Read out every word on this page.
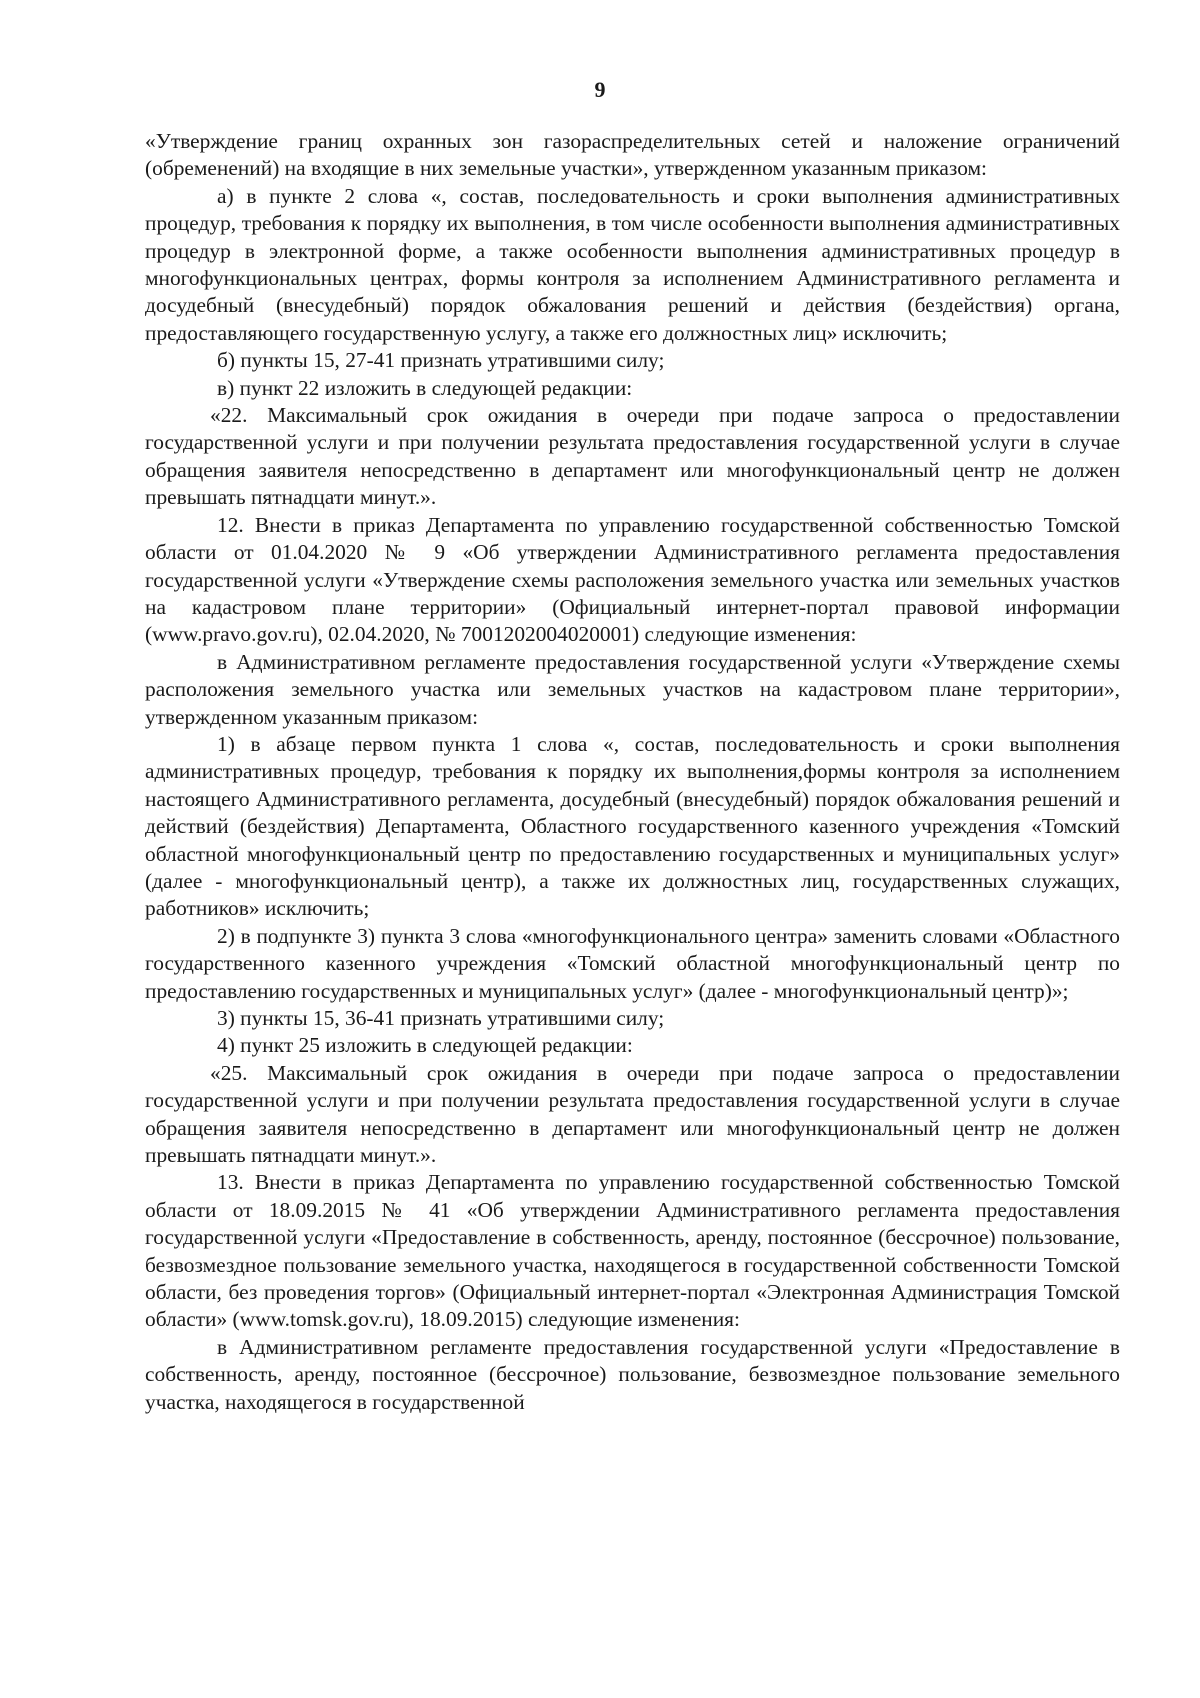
9

«Утверждение границ охранных зон газораспределительных сетей и наложение ограничений (обременений) на входящие в них земельные участки», утвержденном указанным приказом:

а) в пункте 2 слова «, состав, последовательность и сроки выполнения административных процедур, требования к порядку их выполнения, в том числе особенности выполнения административных процедур в электронной форме, а также особенности выполнения административных процедур в многофункциональных центрах, формы контроля за исполнением Административного регламента и досудебный (внесудебный) порядок обжалования решений и действия (бездействия) органа, предоставляющего государственную услугу, а также его должностных лиц» исключить;

б) пункты 15, 27-41 признать утратившими силу;

в) пункт 22 изложить в следующей редакции:

«22. Максимальный срок ожидания в очереди при подаче запроса о предоставлении государственной услуги и при получении результата предоставления государственной услуги в случае обращения заявителя непосредственно в департамент или многофункциональный центр не должен превышать пятнадцати минут.».

12. Внести в приказ Департамента по управлению государственной собственностью Томской области от 01.04.2020 № 9 «Об утверждении Административного регламента предоставления государственной услуги «Утверждение схемы расположения земельного участка или земельных участков на кадастровом плане территории» (Официальный интернет-портал правовой информации (www.pravo.gov.ru), 02.04.2020, № 7001202004020001) следующие изменения:

в Административном регламенте предоставления государственной услуги «Утверждение схемы расположения земельного участка или земельных участков на кадастровом плане территории», утвержденном указанным приказом:

1) в абзаце первом пункта 1 слова «, состав, последовательность и сроки выполнения административных процедур, требования к порядку их выполнения,формы контроля за исполнением настоящего Административного регламента, досудебный (внесудебный) порядок обжалования решений и действий (бездействия) Департамента, Областного государственного казенного учреждения «Томский областной многофункциональный центр по предоставлению государственных и муниципальных услуг» (далее - многофункциональный центр), а также их должностных лиц, государственных служащих, работников» исключить;

2) в подпункте 3) пункта 3 слова «многофункционального центра» заменить словами «Областного государственного казенного учреждения «Томский областной многофункциональный центр по предоставлению государственных и муниципальных услуг» (далее - многофункциональный центр)»;

3) пункты 15, 36-41 признать утратившими силу;

4) пункт 25 изложить в следующей редакции:

«25. Максимальный срок ожидания в очереди при подаче запроса о предоставлении государственной услуги и при получении результата предоставления государственной услуги в случае обращения заявителя непосредственно в департамент или многофункциональный центр не должен превышать пятнадцати минут.».

13. Внести в приказ Департамента по управлению государственной собственностью Томской области от 18.09.2015 № 41 «Об утверждении Административного регламента предоставления государственной услуги «Предоставление в собственность, аренду, постоянное (бессрочное) пользование, безвозмездное пользование земельного участка, находящегося в государственной собственности Томской области, без проведения торгов» (Официальный интернет-портал «Электронная Администрация Томской области» (www.tomsk.gov.ru), 18.09.2015) следующие изменения:

в Административном регламенте предоставления государственной услуги «Предоставление в собственность, аренду, постоянное (бессрочное) пользование, безвозмездное пользование земельного участка, находящегося в государственной
